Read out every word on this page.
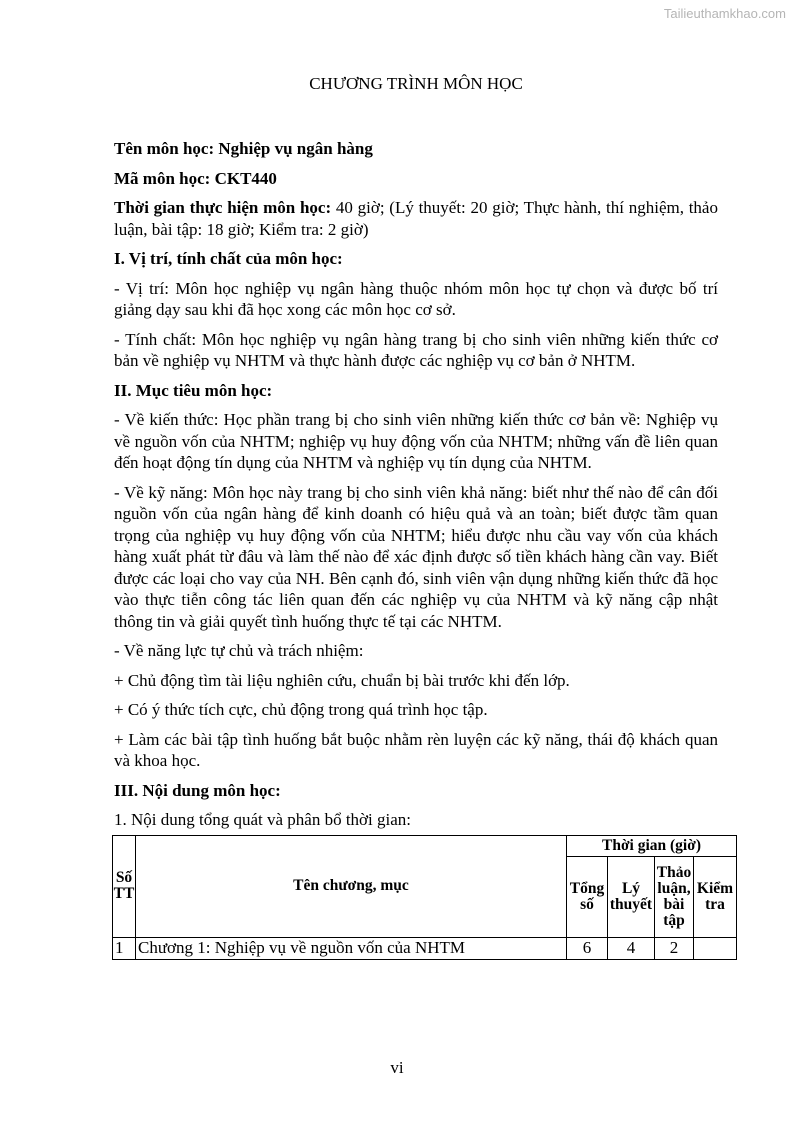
Tailieuthamkhao.com
CHƯƠNG TRÌNH MÔN HỌC

Tên môn học: Nghiệp vụ ngân hàng

Mã môn học: CKT440

Thời gian thực hiện môn học: 40 giờ; (Lý thuyết: 20 giờ; Thực hành, thí nghiệm, thảo luận, bài tập: 18 giờ; Kiểm tra: 2 giờ)

I. Vị trí, tính chất của môn học:

- Vị trí: Môn học nghiệp vụ ngân hàng thuộc nhóm môn học tự chọn và được bố trí giảng dạy sau khi đã học xong các môn học cơ sở.

- Tính chất: Môn học nghiệp vụ ngân hàng trang bị cho sinh viên những kiến thức cơ bản về nghiệp vụ NHTM và thực hành được các nghiệp vụ cơ bản ở NHTM.

II. Mục tiêu môn học:

- Về kiến thức: Học phần trang bị cho sinh viên những kiến thức cơ bản về: Nghiệp vụ về nguồn vốn của NHTM; nghiệp vụ huy động vốn của NHTM; những vấn đề liên quan đến hoạt động tín dụng của NHTM và nghiệp vụ tín dụng của NHTM.

- Về kỹ năng: Môn học này trang bị cho sinh viên khả năng: biết như thế nào để cân đối nguồn vốn của ngân hàng để kinh doanh có hiệu quả và an toàn; biết được tầm quan trọng của nghiệp vụ huy động vốn của NHTM; hiểu được nhu cầu vay vốn của khách hàng xuất phát từ đâu và làm thế nào để xác định được số tiền khách hàng cần vay. Biết được các loại cho vay của NH. Bên cạnh đó, sinh viên vận dụng những kiến thức đã học vào thực tiễn công tác liên quan đến các nghiệp vụ của NHTM và kỹ năng cập nhật thông tin và giải quyết tình huống thực tế tại các NHTM.

- Về năng lực tự chủ và trách nhiệm:

+ Chủ động tìm tài liệu nghiên cứu, chuẩn bị bài trước khi đến lớp.

+ Có ý thức tích cực, chủ động trong quá trình học tập.

+ Làm các bài tập tình huống bắt buộc nhằm rèn luyện các kỹ năng, thái độ khách quan và khoa học.

III. Nội dung môn học:

1. Nội dung tổng quát và phân bổ thời gian:

Số TT	Tên chương, mục	Thời gian (giờ)			
		Tổng số	Lý thuyết	Thảo luận, bài tập	Kiểm tra
1	Chương 1: Nghiệp vụ về nguồn vốn của NHTM	6	4	2	
vi
